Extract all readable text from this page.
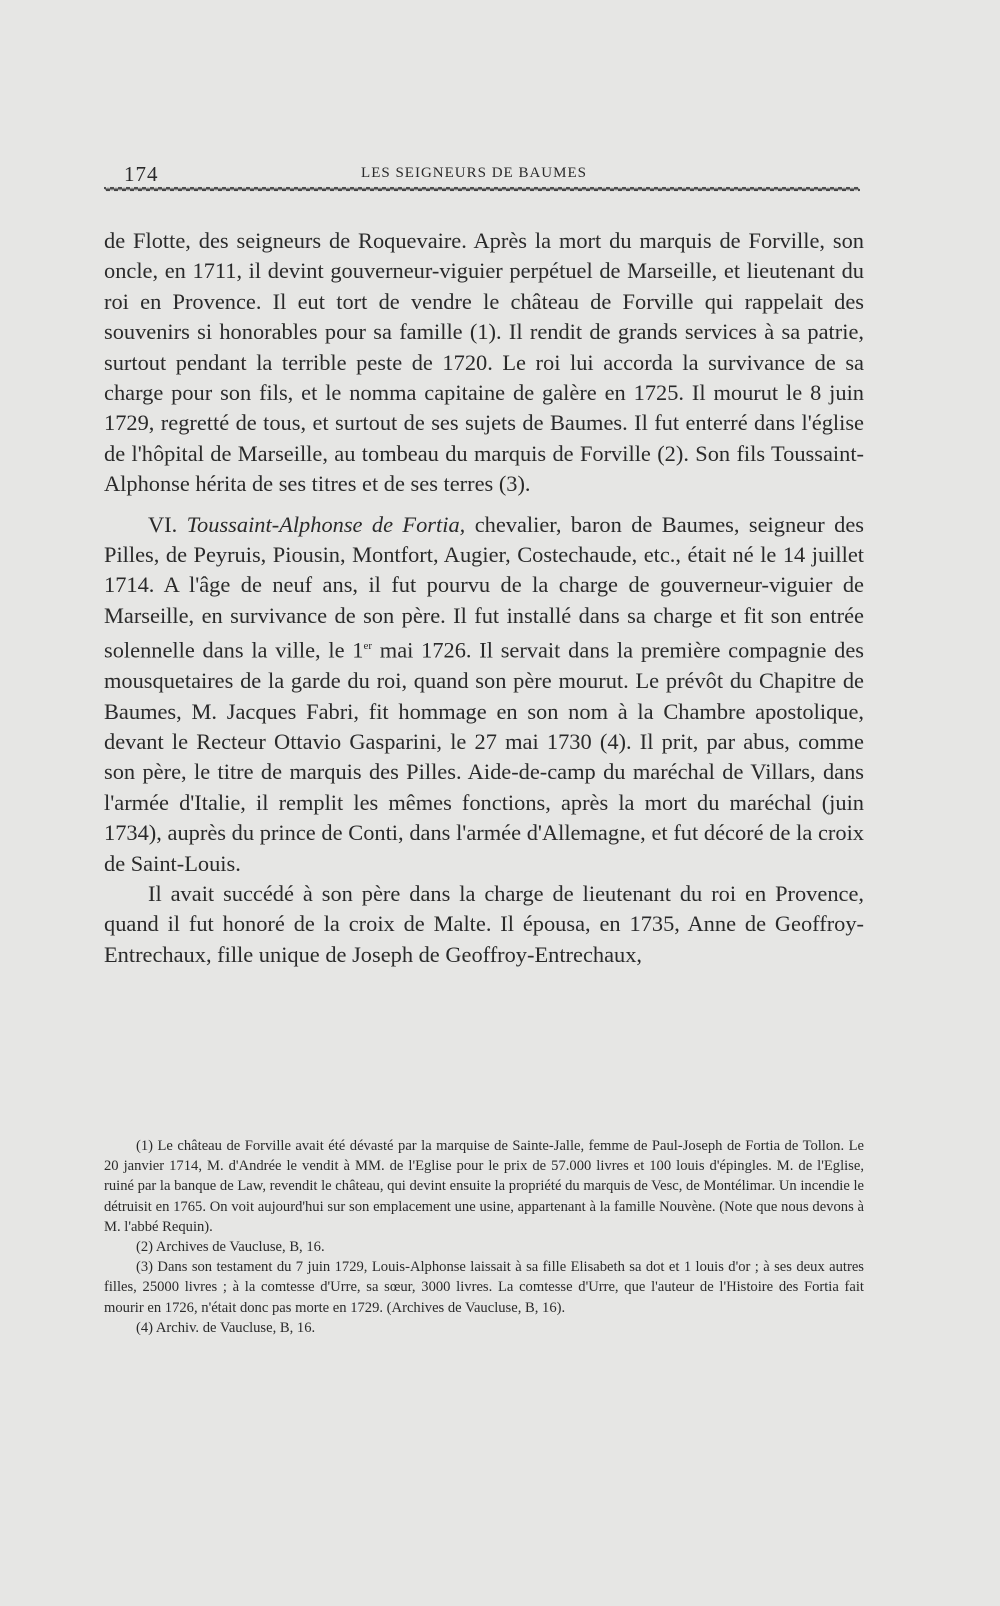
174	LES SEIGNEURS DE BAUMES

de Flotte, des seigneurs de Roquevaire. Après la mort du marquis de Forville, son oncle, en 1711, il devint gouverneur-viguier perpétuel de Marseille, et lieutenant du roi en Provence. Il eut tort de vendre le château de Forville qui rappelait des souvenirs si honorables pour sa famille (1). Il rendit de grands services à sa patrie, surtout pendant la terrible peste de 1720. Le roi lui accorda la survivance de sa charge pour son fils, et le nomma capitaine de galère en 1725. Il mourut le 8 juin 1729, regretté de tous, et surtout de ses sujets de Baumes. Il fut enterré dans l'église de l'hôpital de Marseille, au tombeau du marquis de Forville (2). Son fils Toussaint-Alphonse hérita de ses titres et de ses terres (3).

VI. Toussaint-Alphonse de Fortia, chevalier, baron de Baumes, seigneur des Pilles, de Peyruis, Piousin, Montfort, Augier, Costechaude, etc., était né le 14 juillet 1714. A l'âge de neuf ans, il fut pourvu de la charge de gouverneur-viguier de Marseille, en survivance de son père. Il fut installé dans sa charge et fit son entrée solennelle dans la ville, le 1er mai 1726. Il servait dans la première compagnie des mousquetaires de la garde du roi, quand son père mourut. Le prévôt du Chapitre de Baumes, M. Jacques Fabri, fit hommage en son nom à la Chambre apostolique, devant le Recteur Ottavio Gasparini, le 27 mai 1730 (4). Il prit, par abus, comme son père, le titre de marquis des Pilles. Aide-de-camp du maréchal de Villars, dans l'armée d'Italie, il remplit les mêmes fonctions, après la mort du maréchal (juin 1734), auprès du prince de Conti, dans l'armée d'Allemagne, et fut décoré de la croix de Saint-Louis.

Il avait succédé à son père dans la charge de lieutenant du roi en Provence, quand il fut honoré de la croix de Malte. Il épousa, en 1735, Anne de Geoffroy-Entrechaux, fille unique de Joseph de Geoffroy-Entrechaux,

(1) Le château de Forville avait été dévasté par la marquise de Sainte-Jalle, femme de Paul-Joseph de Fortia de Tollon. Le 20 janvier 1714, M. d'Andrée le vendit à MM. de l'Eglise pour le prix de 57.000 livres et 100 louis d'épingles. M. de l'Eglise, ruiné par la banque de Law, revendit le château, qui devint ensuite la propriété du marquis de Vesc, de Montélimar. Un incendie le détruisit en 1765. On voit aujourd'hui sur son emplacement une usine, appartenant à la famille Nouvène. (Note que nous devons à M. l'abbé Requin).

(2) Archives de Vaucluse, B, 16.

(3) Dans son testament du 7 juin 1729, Louis-Alphonse laissait à sa fille Elisabeth sa dot et 1 louis d'or ; à ses deux autres filles, 25000 livres ; à la comtesse d'Urre, sa sœur, 3000 livres. La comtesse d'Urre, que l'auteur de l'Histoire des Fortia fait mourir en 1726, n'était donc pas morte en 1729. (Archives de Vaucluse, B, 16).

(4) Archiv. de Vaucluse, B, 16.
